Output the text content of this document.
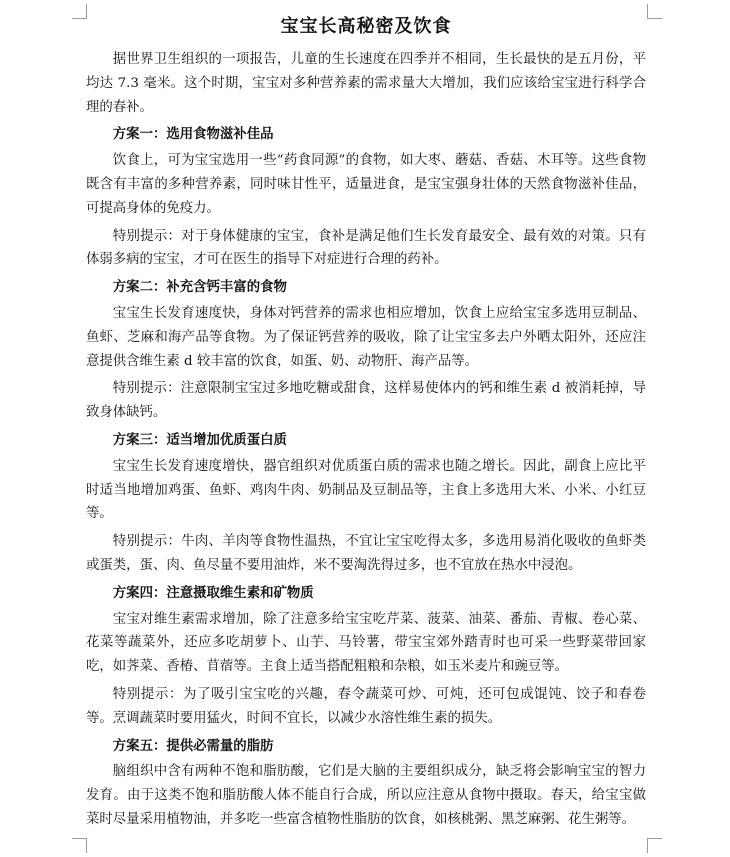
宝宝长高秘密及饮食

据世界卫生组织的一项报告，儿童的生长速度在四季并不相同，生长最快的是五月份，平均达 7.3 毫米。这个时期，宝宝对多种营养素的需求量大大增加，我们应该给宝宝进行科学合理的春补。

方案一：选用食物滋补佳品

饮食上，可为宝宝选用一些“药食同源”的食物，如大枣、蘑菇、香菇、木耳等。这些食物既含有丰富的多种营养素，同时味甘性平，适量进食，是宝宝强身壮体的天然食物滋补佳品，可提高身体的免疫力。

特别提示：对于身体健康的宝宝，食补是满足他们生长发育最安全、最有效的对策。只有体弱多病的宝宝，才可在医生的指导下对症进行合理的药补。

方案二：补充含钙丰富的食物

宝宝生长发育速度快，身体对钙营养的需求也相应增加，饮食上应给宝宝多选用豆制品、鱼虾、芝麻和海产品等食物。为了保证钙营养的吸收，除了让宝宝多去户外晒太阳外，还应注意提供含维生素 d 较丰富的饮食，如蛋、奶、动物肝、海产品等。

特别提示：注意限制宝宝过多地吃糖或甜食，这样易使体内的钙和维生素 d 被消耗掉，导致身体缺钙。

方案三：适当增加优质蛋白质

宝宝生长发育速度增快，器官组织对优质蛋白质的需求也随之增长。因此，副食上应比平时适当地增加鸡蛋、鱼虾、鸡肉牛肉、奶制品及豆制品等，主食上多选用大米、小米、小红豆等。

特别提示：牛肉、羊肉等食物性温热，不宜让宝宝吃得太多，多选用易消化吸收的鱼虾类或蛋类，蛋、肉、鱼尽量不要用油炸，米不要淘洗得过多，也不宜放在热水中浸泡。

方案四：注意摄取维生素和矿物质

宝宝对维生素需求增加，除了注意多给宝宝吃芹菜、菠菜、油菜、番茄、青椒、卷心菜、花菜等蔬菜外，还应多吃胡萝卜、山芋、马铃薯，带宝宝郊外踏青时也可采一些野菜带回家吃，如荠菜、香椿、苜蓿等。主食上适当搭配粗粮和杂粮，如玉米麦片和豌豆等。

特别提示：为了吸引宝宝吃的兴趣，春令蔬菜可炒、可炖，还可包成馄饨、饺子和春卷等。烹调蔬菜时要用猛火，时间不宜长，以减少水溶性维生素的损失。

方案五：提供必需量的脂肪

脑组织中含有两种不饱和脂肪酸，它们是大脑的主要组织成分，缺乏将会影响宝宝的智力发育。由于这类不饱和脂肪酸人体不能自行合成，所以应注意从食物中摄取。春天，给宝宝做菜时尽量采用植物油，并多吃一些富含植物性脂肪的饮食，如核桃粥、黑芝麻粥、花生粥等。
